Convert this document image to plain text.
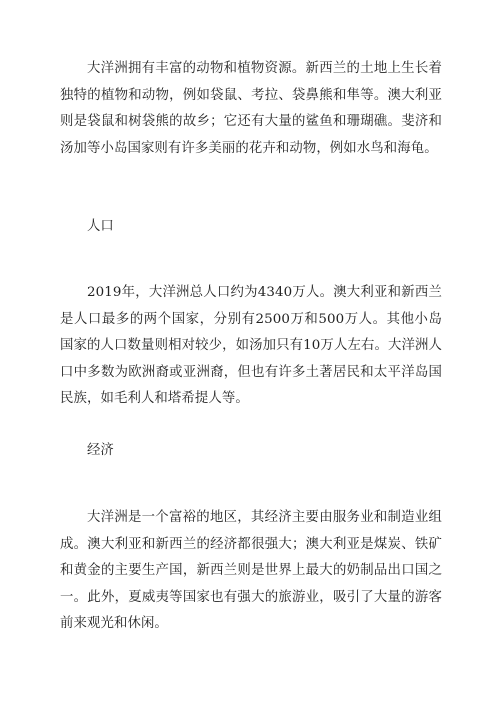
大洋洲拥有丰富的动物和植物资源。新西兰的土地上生长着独特的植物和动物，例如袋鼠、考拉、袋鼻熊和隼等。澳大利亚则是袋鼠和树袋熊的故乡；它还有大量的鲨鱼和珊瑚礁。斐济和汤加等小岛国家则有许多美丽的花卉和动物，例如水鸟和海龟。

人口

2019年，大洋洲总人口约为4340万人。澳大利亚和新西兰是人口最多的两个国家，分别有2500万和500万人。其他小岛国家的人口数量则相对较少，如汤加只有10万人左右。大洋洲人口中多数为欧洲裔或亚洲裔，但也有许多土著居民和太平洋岛国民族，如毛利人和塔希提人等。

经济

大洋洲是一个富裕的地区，其经济主要由服务业和制造业组成。澳大利亚和新西兰的经济都很强大；澳大利亚是煤炭、铁矿和黄金的主要生产国，新西兰则是世界上最大的奶制品出口国之一。此外，夏威夷等国家也有强大的旅游业，吸引了大量的游客前来观光和休闲。
